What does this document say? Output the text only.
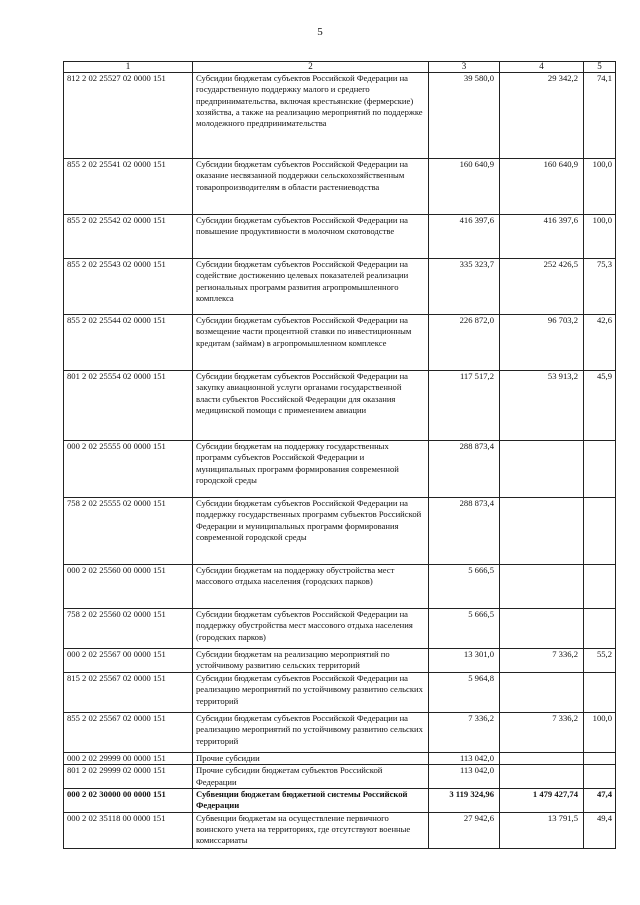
5
1	2	3	4	5
812 2 02 25527 02 0000 151	Субсидии бюджетам субъектов Российской Федерации на государственную поддержку малого и среднего предпринимательства, включая крестьянские (фермерские) хозяйства, а также на реализацию мероприятий по поддержке молодежного предпринимательства	39 580,0	29 342,2	74,1
855 2 02 25541 02 0000 151	Субсидии бюджетам субъектов Российской Федерации на оказание несвязанной поддержки сельскохозяйственным товаропроизводителям в области растениеводства	160 640,9	160 640,9	100,0
855 2 02 25542 02 0000 151	Субсидии бюджетам субъектов Российской Федерации на повышение продуктивности в молочном скотоводстве	416 397,6	416 397,6	100,0
855 2 02 25543 02 0000 151	Субсидии бюджетам субъектов Российской Федерации на содействие достижению целевых показателей реализации региональных программ развития агропромышленного комплекса	335 323,7	252 426,5	75,3
855 2 02 25544 02 0000 151	Субсидии бюджетам субъектов Российской Федерации на возмещение части процентной ставки по инвестиционным кредитам (займам) в агропромышленном комплексе	226 872,0	96 703,2	42,6
801 2 02 25554 02 0000 151	Субсидии бюджетам субъектов Российской Федерации на закупку авиационной услуги органами государственной власти субъектов Российской Федерации для оказания медицинской помощи с применением авиации	117 517,2	53 913,2	45,9
000 2 02 25555 00 0000 151	Субсидии бюджетам на поддержку государственных программ субъектов Российской Федерации и муниципальных программ формирования современной городской среды	288 873,4		
758 2 02 25555 02 0000 151	Субсидии бюджетам субъектов Российской Федерации на поддержку государственных программ субъектов Российской Федерации и муниципальных программ формирования современной городской среды	288 873,4		
000 2 02 25560 00 0000 151	Субсидии бюджетам на поддержку обустройства мест массового отдыха населения (городских парков)	5 666,5		
758 2 02 25560 02 0000 151	Субсидии бюджетам субъектов Российской Федерации на поддержку обустройства мест массового отдыха населения (городских парков)	5 666,5		
000 2 02 25567 00 0000 151	Субсидии бюджетам на реализацию мероприятий по устойчивому развитию сельских территорий	13 301,0	7 336,2	55,2
815 2 02 25567 02 0000 151	Субсидии бюджетам субъектов Российской Федерации на реализацию мероприятий по устойчивому развитию сельских территорий	5 964,8		
855 2 02 25567 02 0000 151	Субсидии бюджетам субъектов Российской Федерации на реализацию мероприятий по устойчивому развитию сельских территорий	7 336,2	7 336,2	100,0
000 2 02 29999 00 0000 151	Прочие субсидии	113 042,0		
801 2 02 29999 02 0000 151	Прочие субсидии бюджетам субъектов Российской Федерации	113 042,0		
000 2 02 30000 00 0000 151	Субвенции бюджетам бюджетной системы Российской Федерации	3 119 324,96	1 479 427,74	47,4
000 2 02 35118 00 0000 151	Субвенции бюджетам на осуществление первичного воинского учета на территориях, где отсутствуют военные комиссариаты	27 942,6	13 791,5	49,4
